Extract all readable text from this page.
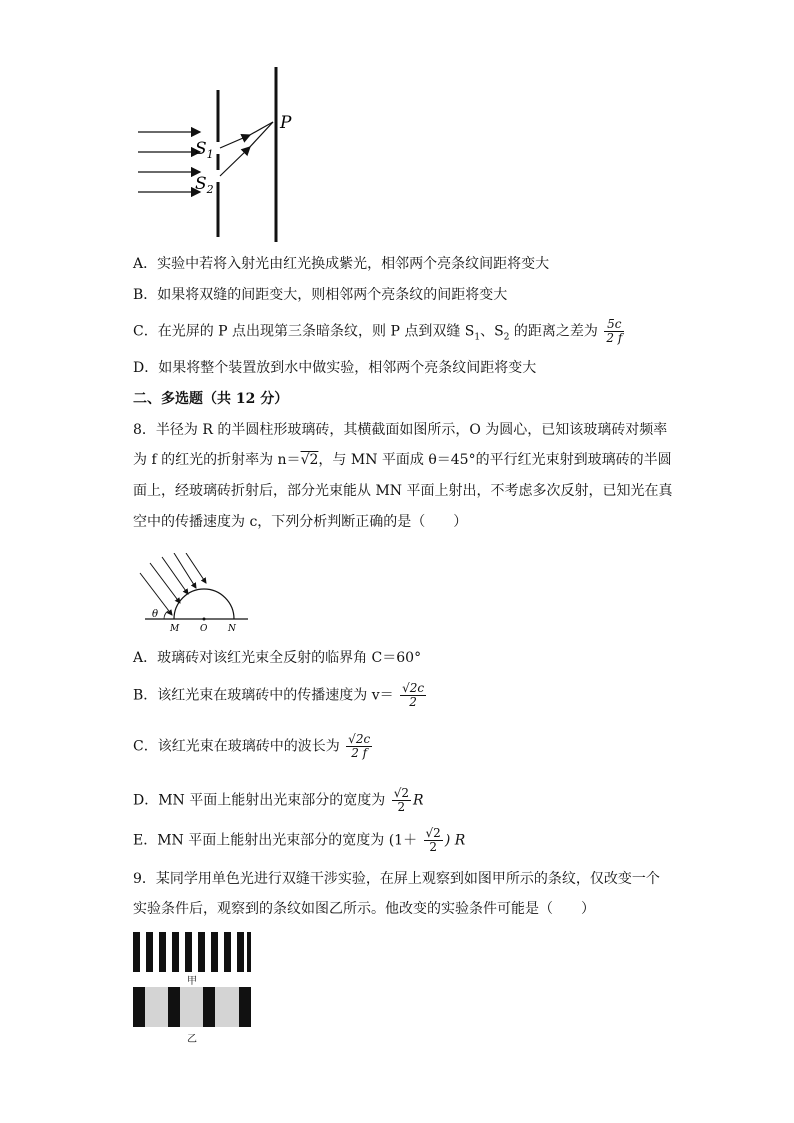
P
$S_1$
$S_2$
A．实验中若将入射光由红光换成紫光，相邻两个亮条纹间距将变大
B．如果将双缝的间距变大，则相邻两个亮条纹的间距将变大
C．在光屏的 P 点出现第三条暗条纹，则 P 点到双缝 $S_1$、$S_2$ 的距离之差为 $\frac{5c}{2 f}$
D．如果将整个装置放到水中做实验，相邻两个亮条纹间距将变大
二、多选题（共 12 分）
8．半径为 R 的半圆柱形玻璃砖，其横截面如图所示，O 为圆心，已知该玻璃砖对频率
为 f 的红光的折射率为 n＝√2，与 MN 平面成 θ＝45°的平行红光束射到玻璃砖的半圆
面上，经玻璃砖折射后，部分光束能从 MN 平面上射出，不考虑多次反射，已知光在真
空中的传播速度为 c，下列分析判断正确的是（　　）
θ
M O N
A．玻璃砖对该红光束全反射的临界角 C＝60°
B．该红光束在玻璃砖中的传播速度为 $v= \frac{√2c}{2}$
C．该红光束在玻璃砖中的波长为 $\frac{√2c}{2 f}$
D．MN 平面上能射出光束部分的宽度为 $\frac{√2}{2}$ R
E．MN 平面上能射出光束部分的宽度为 ($1+ \frac{√2}{2}$ ) R
9．某同学用单色光进行双缝干涉实验，在屏上观察到如图甲所示的条纹，仅改变一个
实验条件后，观察到的条纹如图乙所示。他改变的实验条件可能是（　　）
甲
乙
